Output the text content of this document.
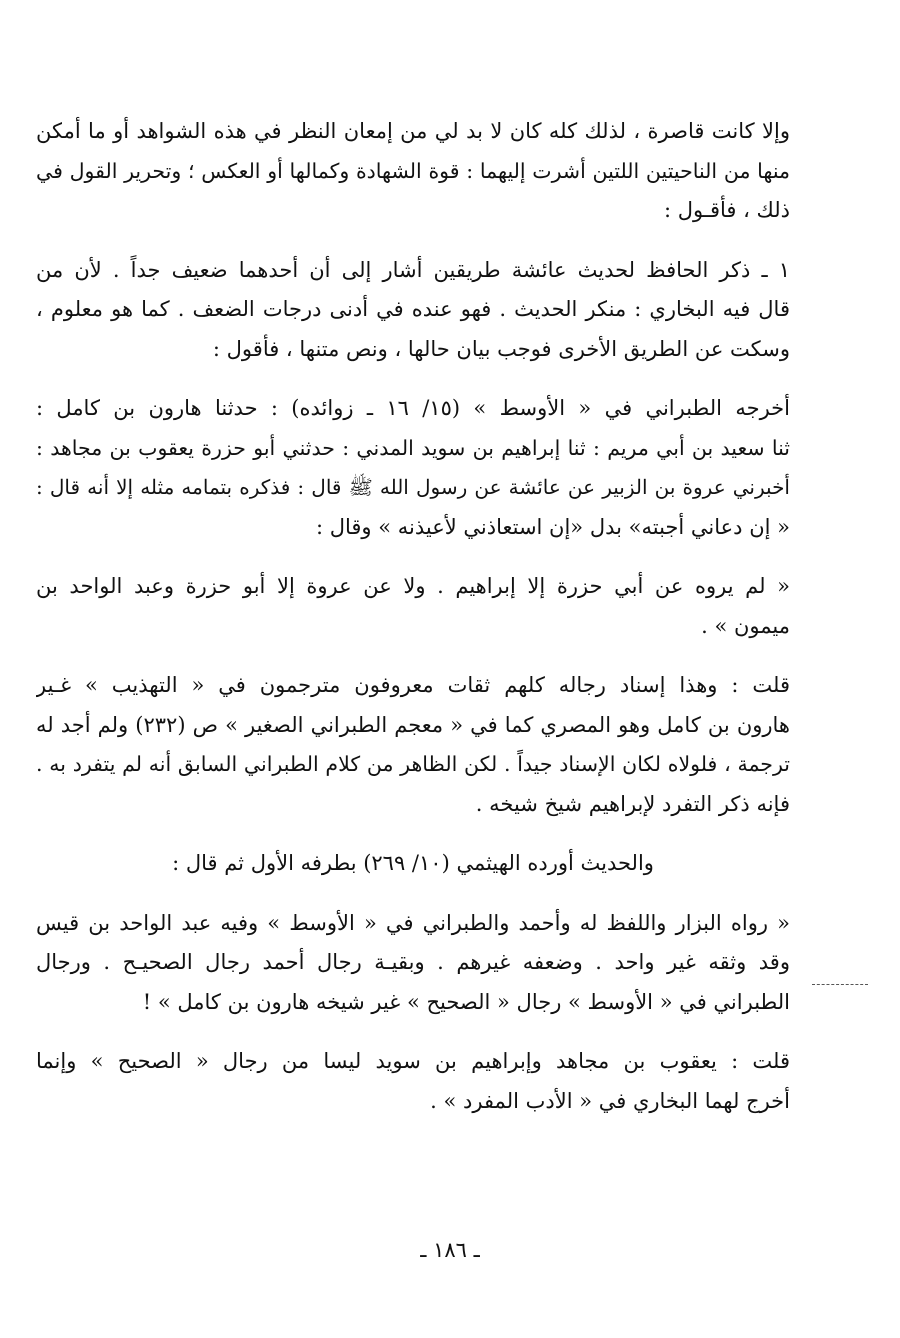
وإلا كانت قاصرة ، لذلك كله كان لا بد لي من إمعان النظر في هذه الشواهد أو ما أمكن
منها من الناحيتين اللتين أشرت إليهما : قوة الشهادة وكمالها أو العكس ؛ وتحرير القول في
ذلك ، فأقـول :
١ ـ ذكر الحافظ لحديث عائشة طريقين أشار إلى أن أحدهما ضعيف جداً . لأن من
قال فيه البخاري : منكر الحديث . فهو عنده في أدنى درجات الضعف . كما هو معلوم ،
وسكت عن الطريق الأخرى فوجب بيان حالها ، ونص متنها ، فأقول :
أخرجه الطبراني في « الأوسط » (١٥/ ١٦ ـ زوائده) : حدثنا هارون بن كامل :
ثنا سعيد بن أبي مريم : ثنا إبراهيم بن سويد المدني : حدثني أبو حزرة يعقوب بن مجاهد :
أخبرني عروة بن الزبير عن عائشة عن رسول الله ﷺ قال : فذكره بتمامه مثله إلا أنه قال :
« إن دعاني أجبته» بدل «إن استعاذني لأعيذنه » وقال :
« لم يروه عن أبي حزرة إلا إبراهيم . ولا عن عروة إلا أبو حزرة وعبد الواحد بن
ميمون » .
قلت : وهذا إسناد رجاله كلهم ثقات معروفون مترجمون في « التهذيب » غـير
هارون بن كامل وهو المصري كما في « معجم الطبراني الصغير » ص (٢٣٢) ولم أجد له
ترجمة ، فلولاه لكان الإسناد جيداً . لكن الظاهر من كلام الطبراني السابق أنه لم يتفرد به .
فإنه ذكر التفرد لإبراهيم شيخ شيخه .
والحديث أورده الهيثمي (١٠/ ٢٦٩) بطرفه الأول ثم قال :
« رواه البزار واللفظ له وأحمد والطبراني في « الأوسط » وفيه عبد الواحد بن قيس
وقد وثقه غير واحد . وضعفه غيرهم . وبقيـة رجال أحمد رجال الصحيـح . ورجال
الطبراني في « الأوسط » رجال « الصحيح » غير شيخه هارون بن كامل » !
قلت : يعقوب بن مجاهد وإبراهيم بن سويد ليسا من رجال « الصحيح » وإنما
أخرج لهما البخاري في « الأدب المفرد » .
ـ ١٨٦ ـ
